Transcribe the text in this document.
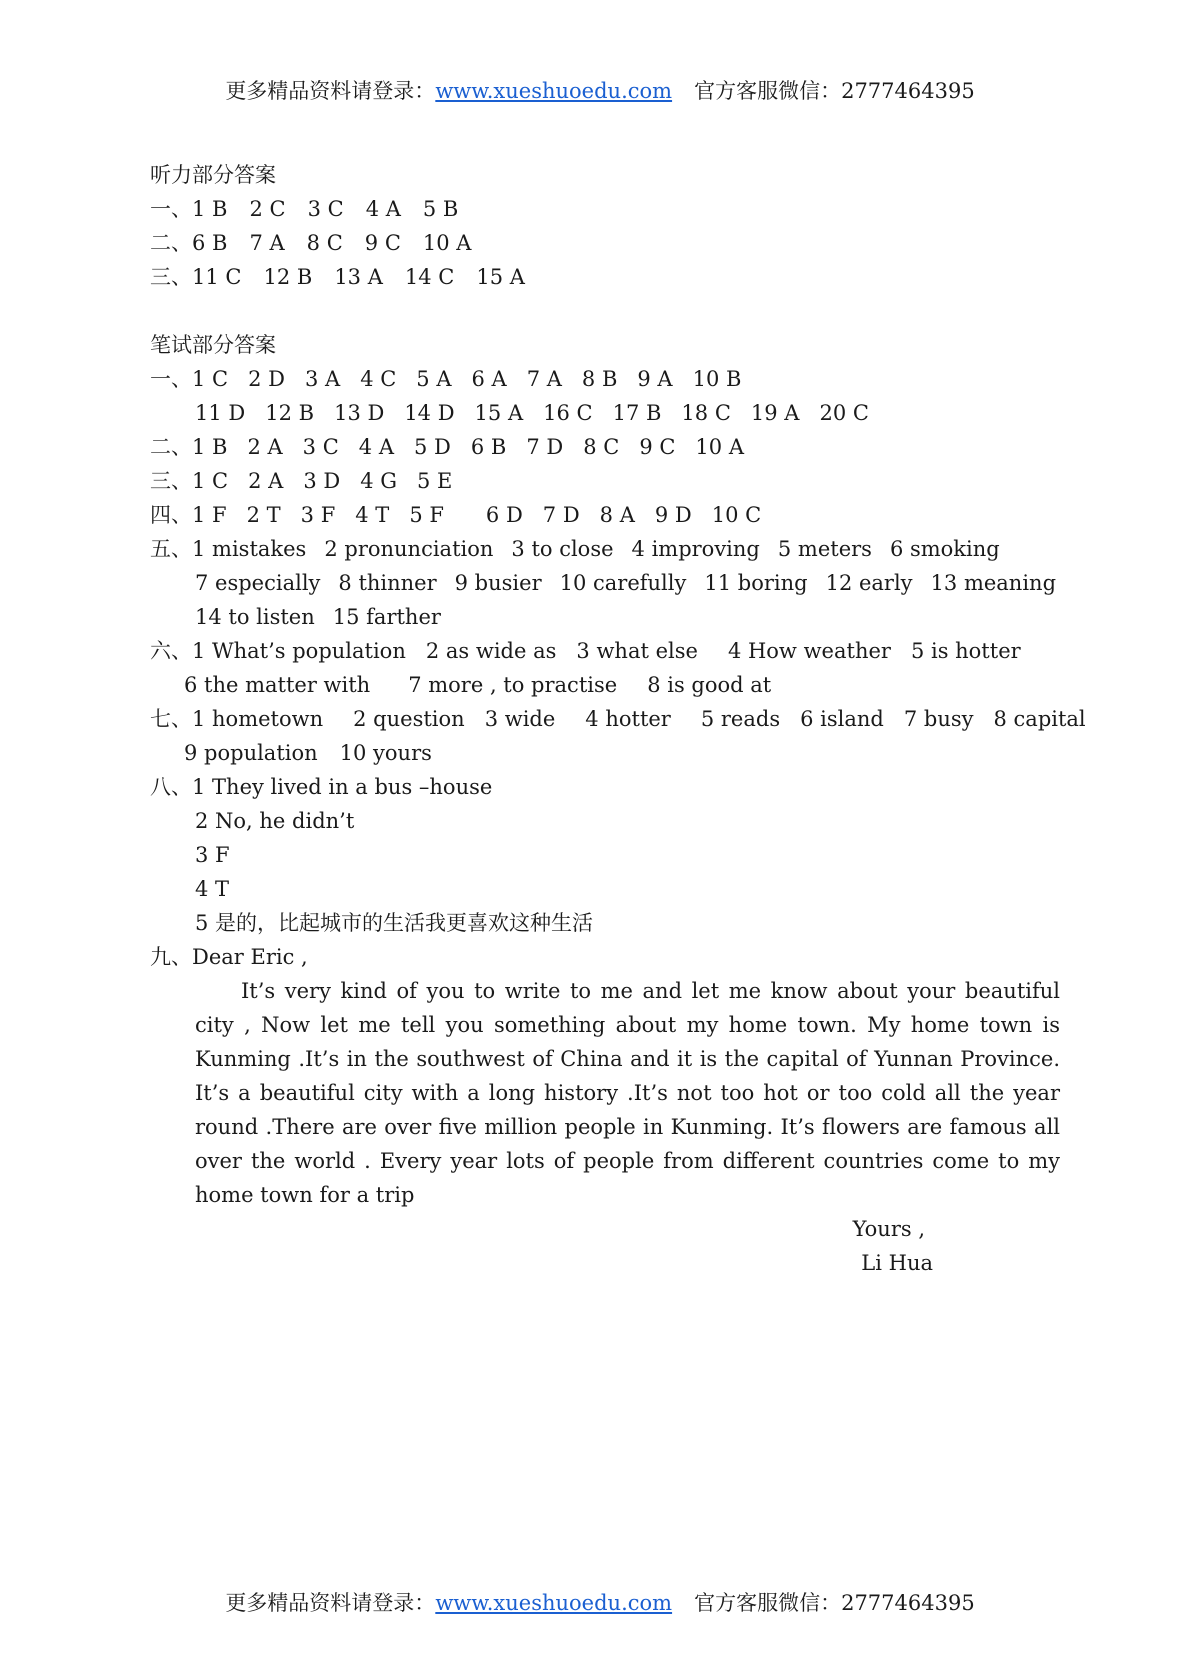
更多精品资料请登录：www.xueshuoedu.com 官方客服微信：2777464395
听力部分答案
一、1 B 2 C 3 C 4 A 5 B
二、6 B 7 A 8 C 9 C 10 A
三、11 C 12 B 13 A 14 C 15 A
笔试部分答案
一、1 C 2 D 3 A 4 C 5 A 6 A 7 A 8 B 9 A 10 B
11 D 12 B 13 D 14 D 15 A 16 C 17 B 18 C 19 A 20 C
二、1 B 2 A 3 C 4 A 5 D 6 B 7 D 8 C 9 C 10 A
三、1 C 2 A 3 D 4 G 5 E
四、1 F 2 T 3 F 4 T 5 F 6 D 7 D 8 A 9 D 10 C
五、1 mistakes 2 pronunciation 3 to close 4 improving 5 meters 6 smoking
7 especially 8 thinner 9 busier 10 carefully 11 boring 12 early 13 meaning
14 to listen 15 farther
六、1 What’s population 2 as wide as 3 what else 4 How weather 5 is hotter
6 the matter with 7 more , to practise 8 is good at
七、1 hometown 2 question 3 wide 4 hotter 5 reads 6 island 7 busy 8 capital
9 population 10 yours
八、1 They lived in a bus –house
2 No, he didn’t
3 F
4 T
5 是的，比起城市的生活我更喜欢这种生活
九、Dear Eric ,
It’s very kind of you to write to me and let me know about your beautiful city , Now let me tell you something about my home town. My home town is Kunming .It’s in the southwest of China and it is the capital of Yunnan Province. It’s a beautiful city with a long history .It’s not too hot or too cold all the year round .There are over five million people in Kunming. It’s flowers are famous all over the world . Every year lots of people from different countries come to my home town for a trip
Yours ,
Li Hua
更多精品资料请登录：www.xueshuoedu.com 官方客服微信：2777464395
